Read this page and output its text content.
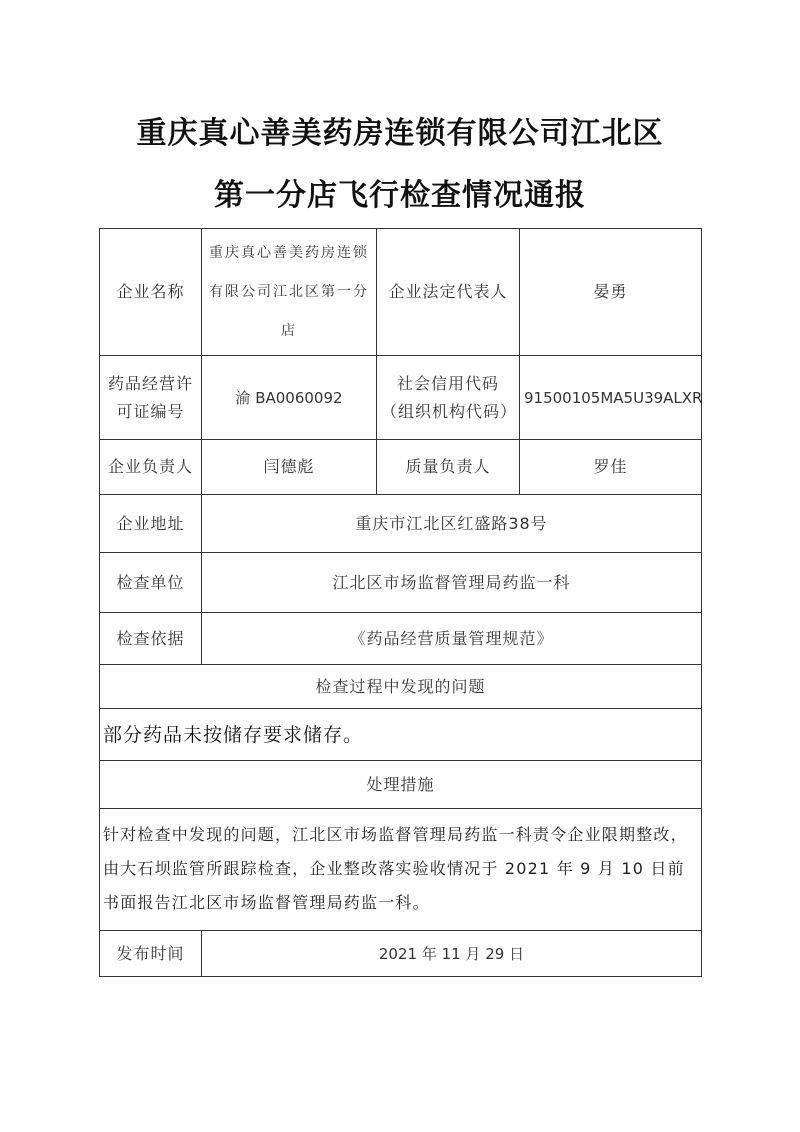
重庆真心善美药房连锁有限公司江北区
第一分店飞行检查情况通报
企业名称	重庆真心善美药房连锁有限公司江北区第一分店	企业法定代表人	晏勇
药品经营许可证编号	渝 BA0060092	社会信用代码（组织机构代码）	91500105MA5U39ALXR
企业负责人	闫德彪	质量负责人	罗佳
企业地址	重庆市江北区红盛路38号		
检查单位	江北区市场监督管理局药监一科		
检查依据	《药品经营质量管理规范》		
检查过程中发现的问题			
部分药品未按储存要求储存。			
处理措施			
针对检查中发现的问题，江北区市场监督管理局药监一科责令企业限期整改，由大石坝监管所跟踪检查，企业整改落实验收情况于 2021 年 9 月 10 日前书面报告江北区市场监督管理局药监一科。			
发布时间	2021 年 11 月 29 日		
